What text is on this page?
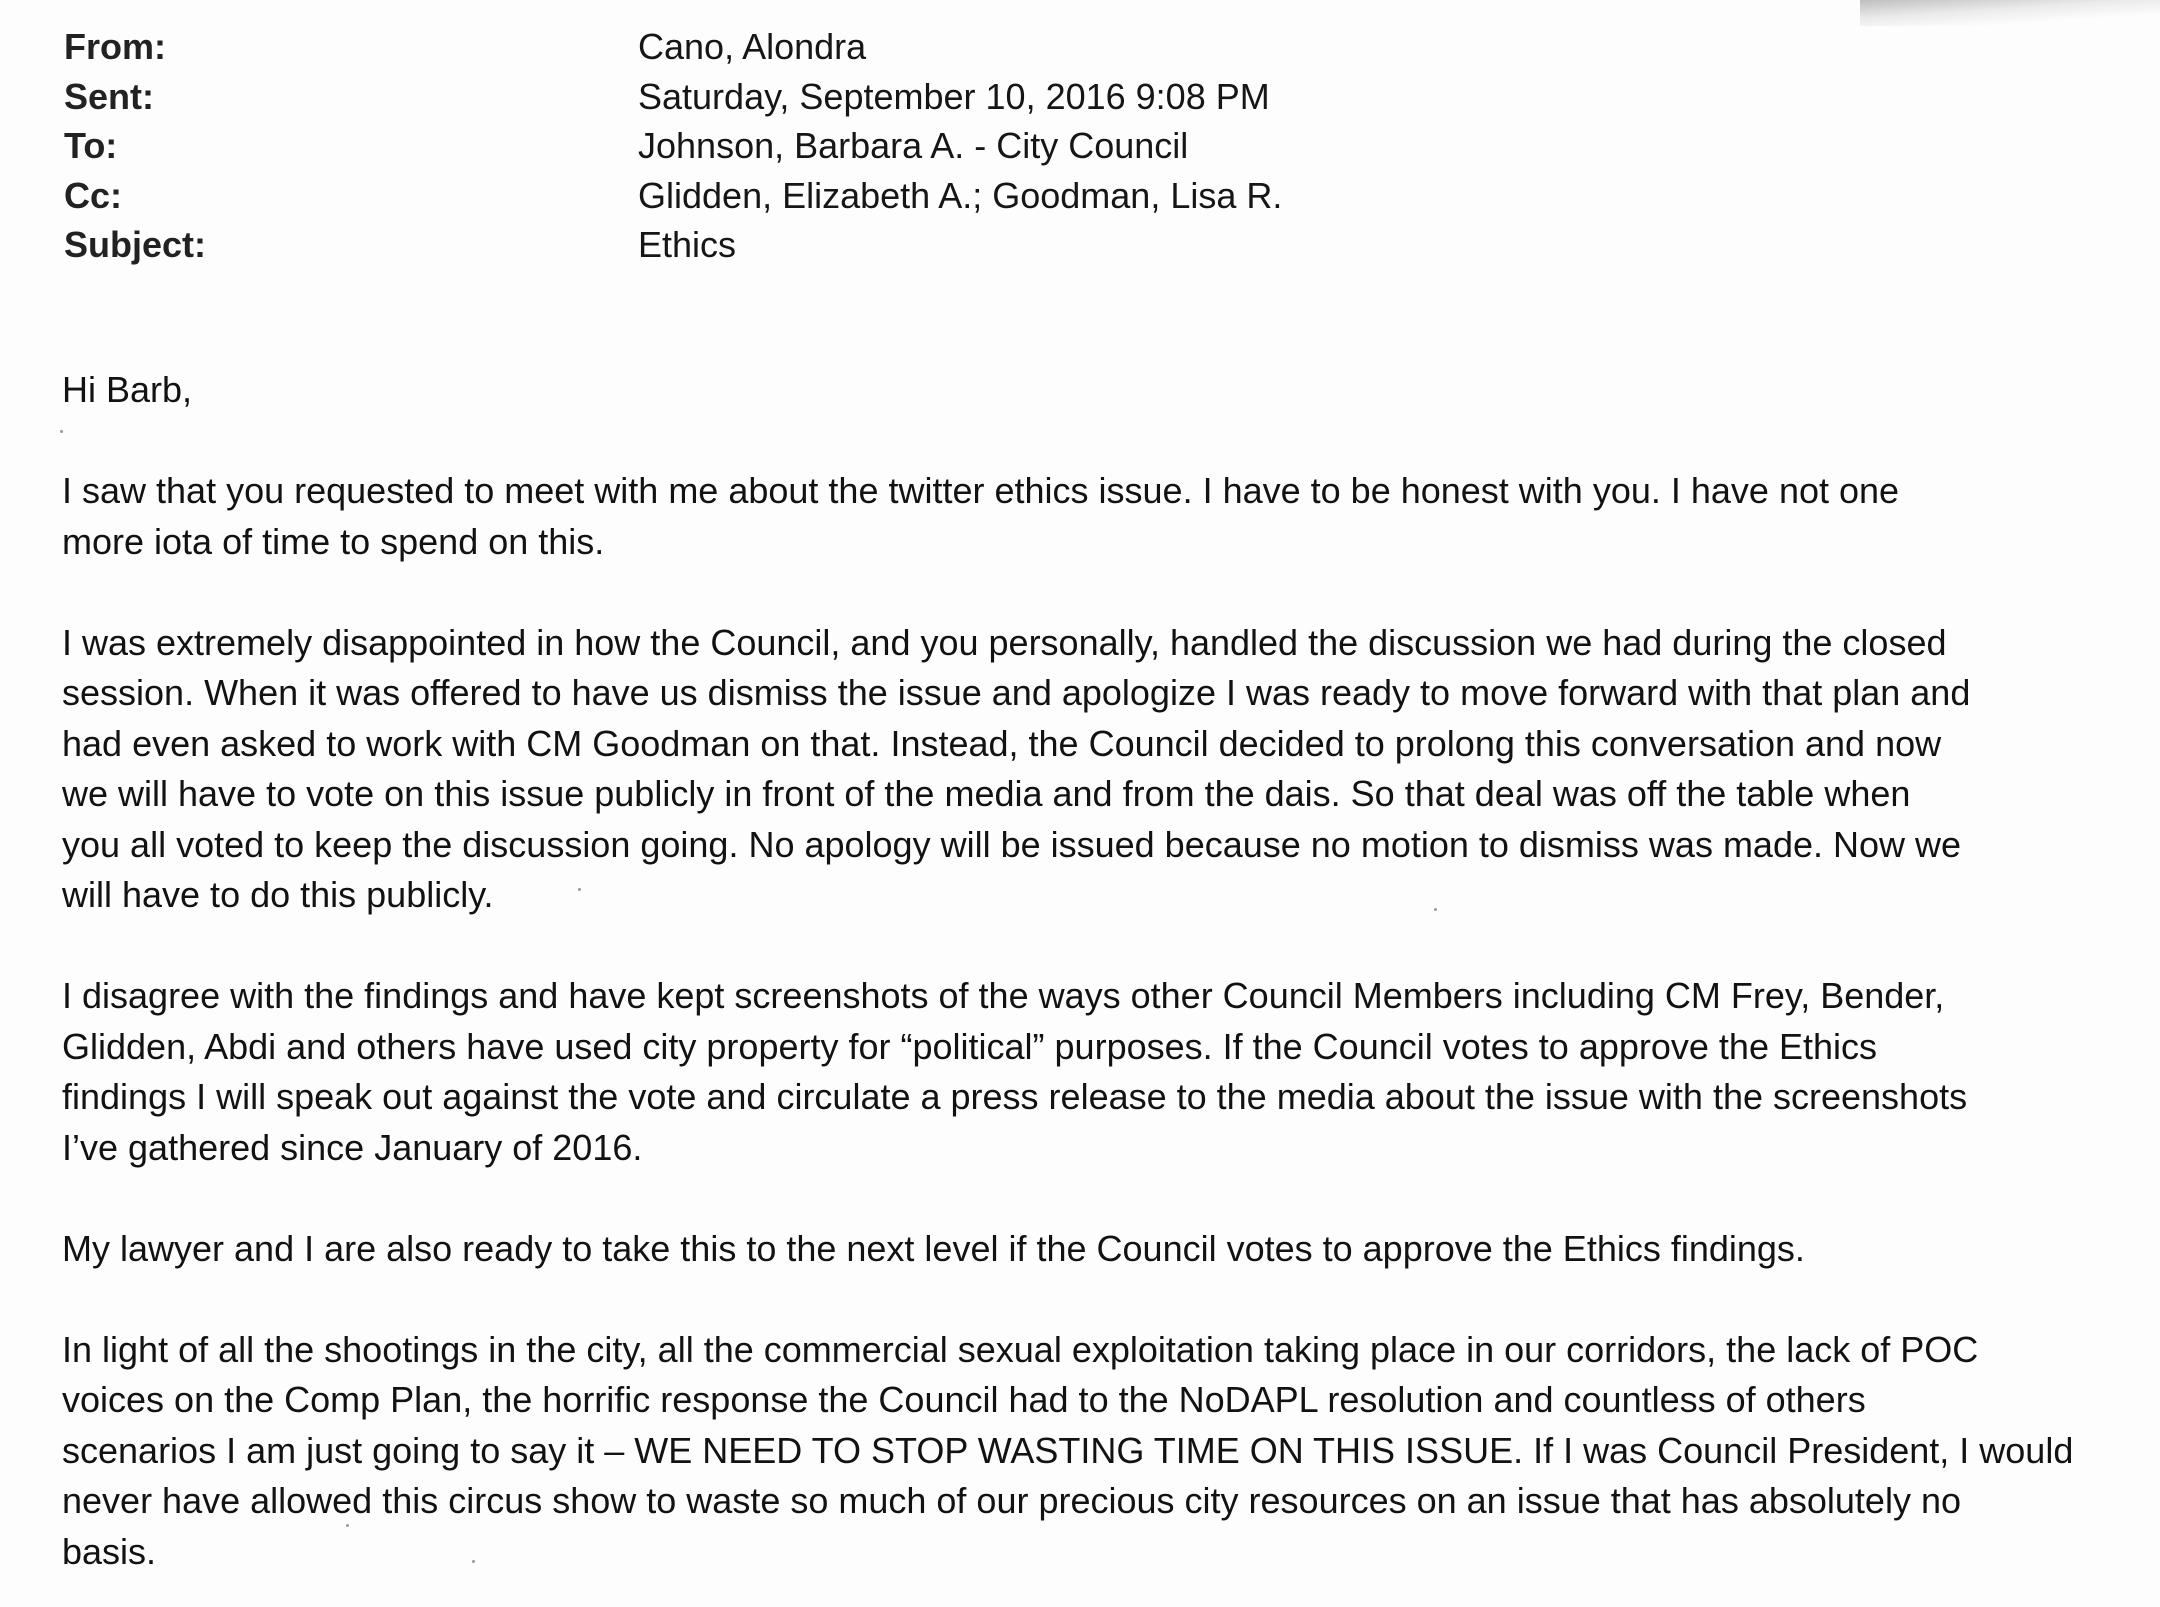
From:	Cano, Alondra
Sent:	Saturday, September 10, 2016 9:08 PM
To:	Johnson, Barbara A. - City Council
Cc:	Glidden, Elizabeth A.; Goodman, Lisa R.
Subject:	Ethics

Hi Barb,

I saw that you requested to meet with me about the twitter ethics issue. I have to be honest with you. I have not one

more iota of time to spend on this.

I was extremely disappointed in how the Council, and you personally, handled the discussion we had during the closed

session. When it was offered to have us dismiss the issue and apologize I was ready to move forward with that plan and

had even asked to work with CM Goodman on that. Instead, the Council decided to prolong this conversation and now

we will have to vote on this issue publicly in front of the media and from the dais. So that deal was off the table when

you all voted to keep the discussion going. No apology will be issued because no motion to dismiss was made. Now we

will have to do this publicly.

I disagree with the findings and have kept screenshots of the ways other Council Members including CM Frey, Bender,

Glidden, Abdi and others have used city property for “political” purposes. If the Council votes to approve the Ethics

findings I will speak out against the vote and circulate a press release to the media about the issue with the screenshots

I’ve gathered since January of 2016.

My lawyer and I are also ready to take this to the next level if the Council votes to approve the Ethics findings.

In light of all the shootings in the city, all the commercial sexual exploitation taking place in our corridors, the lack of POC

voices on the Comp Plan, the horrific response the Council had to the NoDAPL resolution and countless of others

scenarios I am just going to say it – WE NEED TO STOP WASTING TIME ON THIS ISSUE. If I was Council President, I would

never have allowed this circus show to waste so much of our precious city resources on an issue that has absolutely no

basis.
